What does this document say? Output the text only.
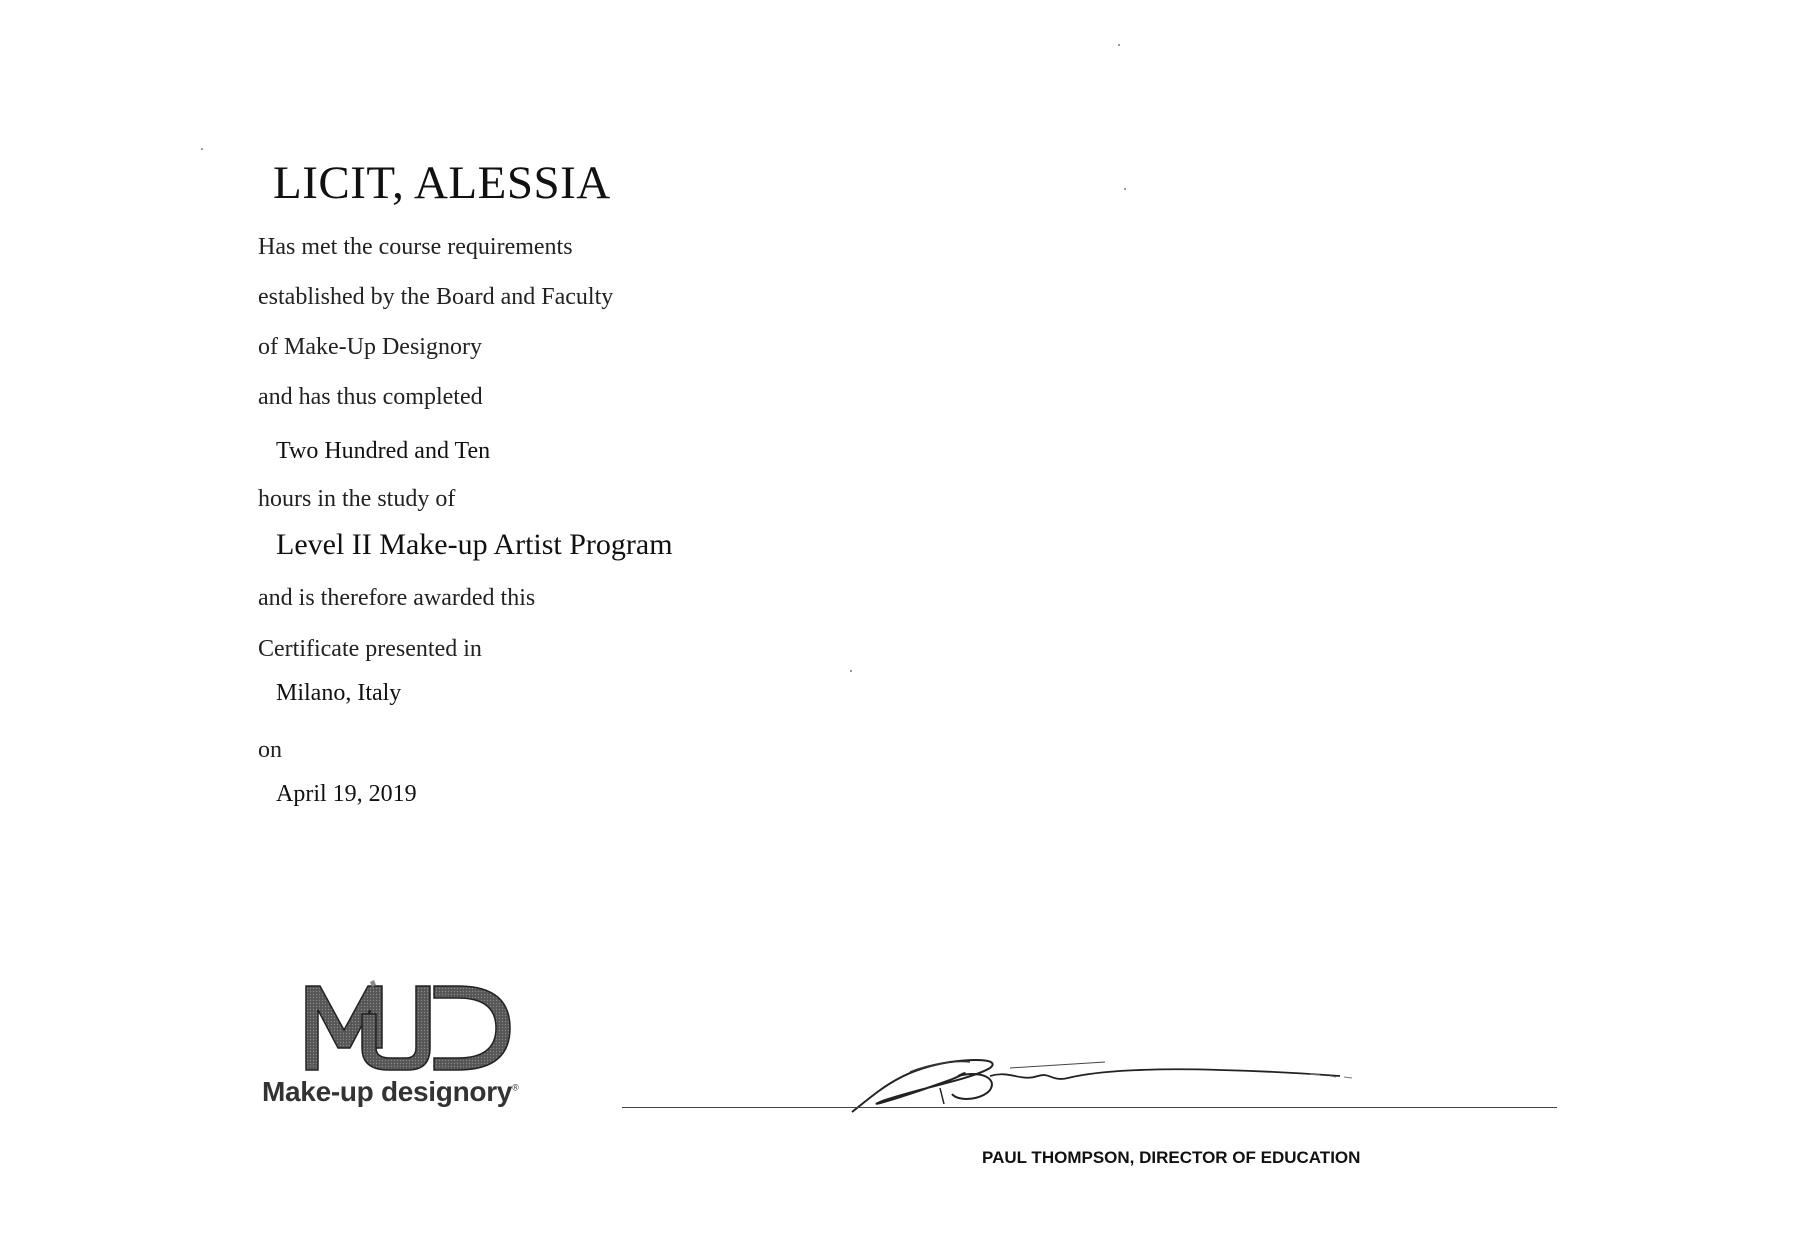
LICIT, ALESSIA
Has met the course requirements
established by the Board and Faculty
of Make-Up Designory
and has thus completed
Two Hundred and Ten
hours in the study of
Level II Make-up Artist Program
and is therefore awarded this
Certificate presented in
Milano, Italy
on
April 19, 2019
Make-up designory®
PAUL THOMPSON, DIRECTOR OF EDUCATION
